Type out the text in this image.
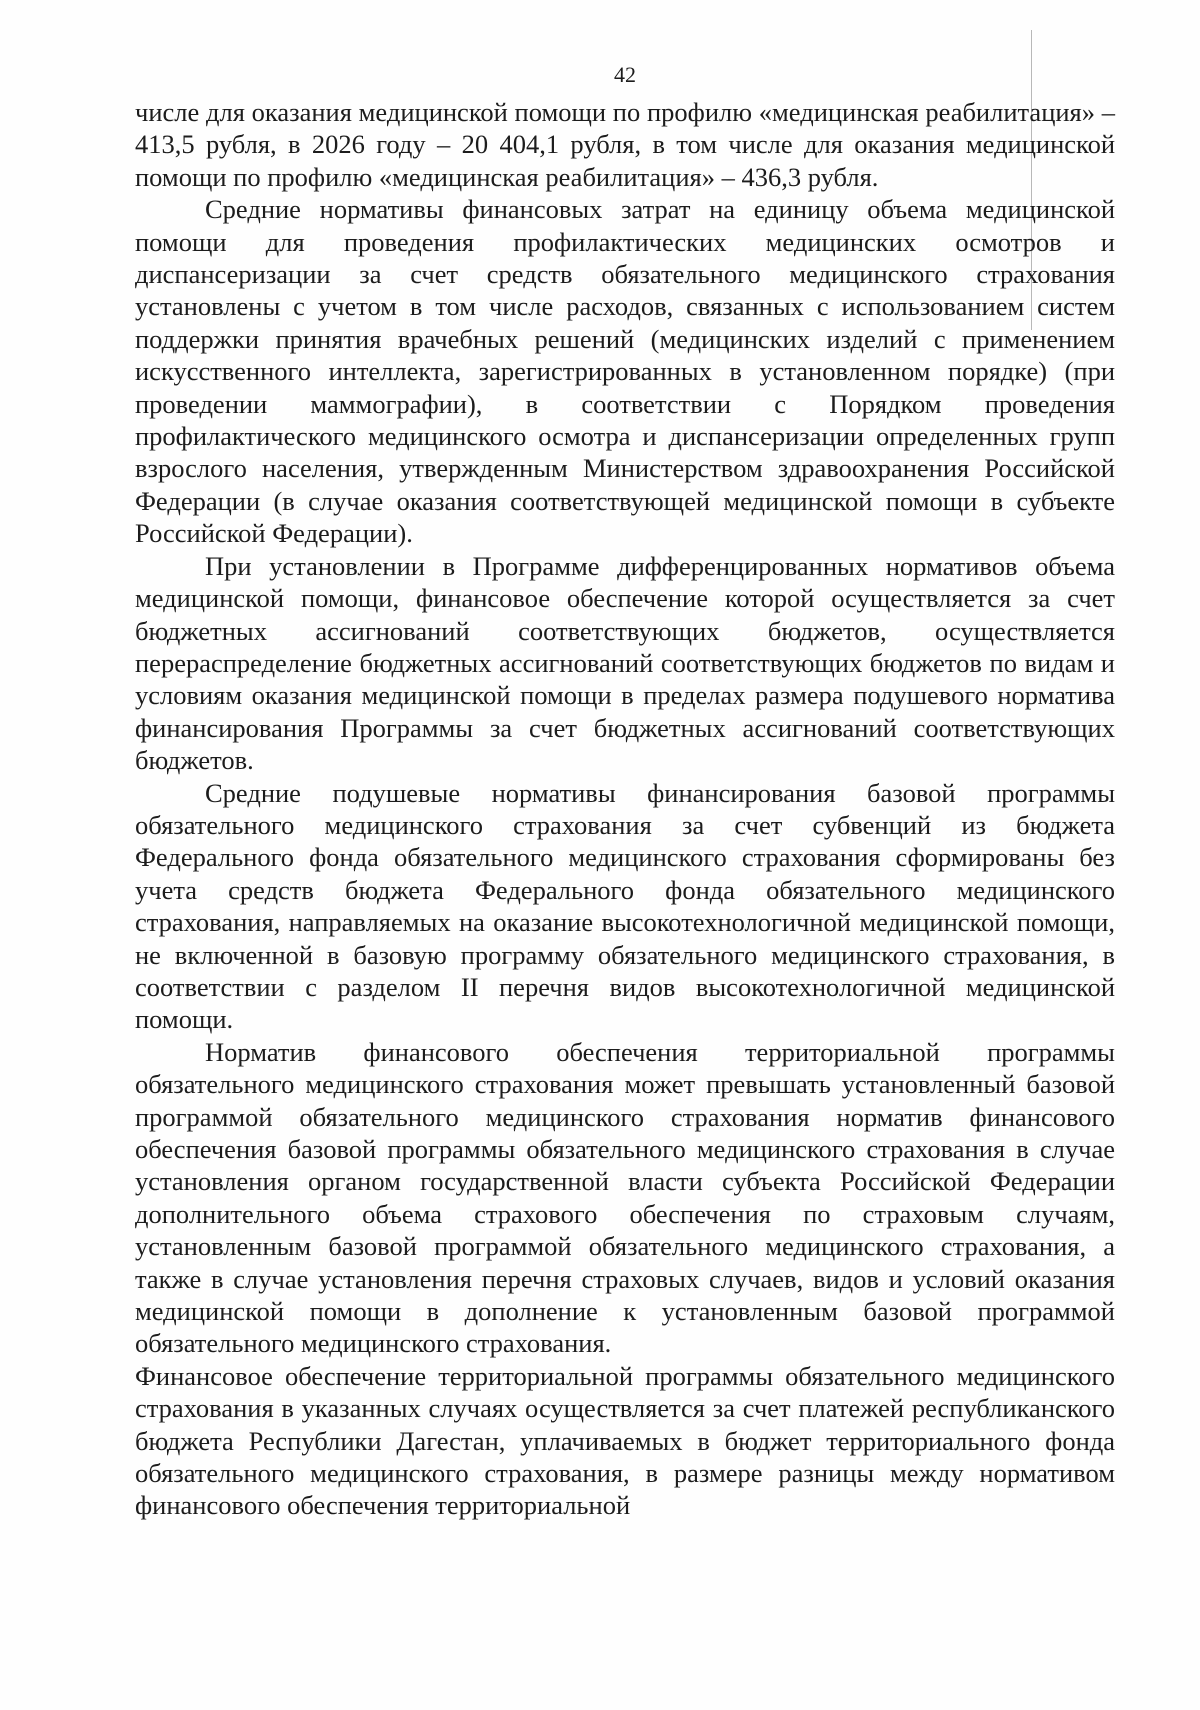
42

числе для оказания медицинской помощи по профилю «медицинская реабилитация» – 413,5 рубля, в 2026 году – 20 404,1 рубля, в том числе для оказания медицинской помощи по профилю «медицинская реабилитация» – 436,3 рубля.

Средние нормативы финансовых затрат на единицу объема медицинской помощи для проведения профилактических медицинских осмотров и диспансеризации за счет средств обязательного медицинского страхования установлены с учетом в том числе расходов, связанных с использованием систем поддержки принятия врачебных решений (медицинских изделий с применением искусственного интеллекта, зарегистрированных в установленном порядке) (при проведении маммографии), в соответствии с Порядком проведения профилактического медицинского осмотра и диспансеризации определенных групп взрослого населения, утвержденным Министерством здравоохранения Российской Федерации (в случае оказания соответствующей медицинской помощи в субъекте Российской Федерации).

При установлении в Программе дифференцированных нормативов объема медицинской помощи, финансовое обеспечение которой осуществляется за счет бюджетных ассигнований соответствующих бюджетов, осуществляется перераспределение бюджетных ассигнований соответствующих бюджетов по видам и условиям оказания медицинской помощи в пределах размера подушевого норматива финансирования Программы за счет бюджетных ассигнований соответствующих бюджетов.

Средние подушевые нормативы финансирования базовой программы обязательного медицинского страхования за счет субвенций из бюджета Федерального фонда обязательного медицинского страхования сформированы без учета средств бюджета Федерального фонда обязательного медицинского страхования, направляемых на оказание высокотехнологичной медицинской помощи, не включенной в базовую программу обязательного медицинского страхования, в соответствии с разделом II перечня видов высокотехнологичной медицинской помощи.

Норматив финансового обеспечения территориальной программы обязательного медицинского страхования может превышать установленный базовой программой обязательного медицинского страхования норматив финансового обеспечения базовой программы обязательного медицинского страхования в случае установления органом государственной власти субъекта Российской Федерации дополнительного объема страхового обеспечения по страховым случаям, установленным базовой программой обязательного медицинского страхования, а также в случае установления перечня страховых случаев, видов и условий оказания медицинской помощи в дополнение к установленным базовой программой обязательного медицинского страхования.

Финансовое обеспечение территориальной программы обязательного медицинского страхования в указанных случаях осуществляется за счет платежей республиканского бюджета Республики Дагестан, уплачиваемых в бюджет территориального фонда обязательного медицинского страхования, в размере разницы между нормативом финансового обеспечения территориальной
